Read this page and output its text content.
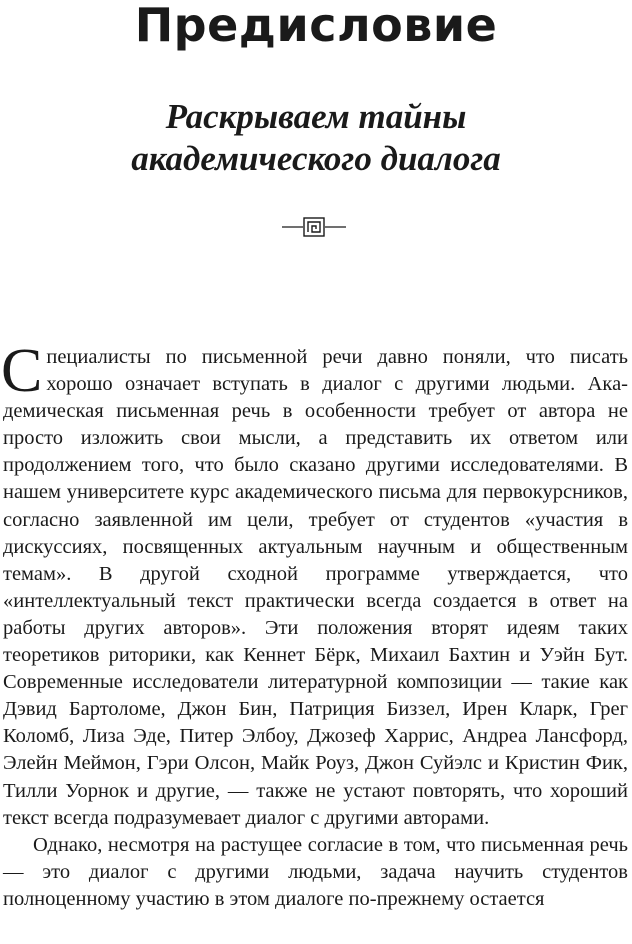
Предисловие
Раскрываем тайны
академического диалога

Специалисты по письменной речи давно поняли, что писать хорошо означает вступать в диалог с другими людьми. Академическая письменная речь в особенности требует от автора не просто изложить свои мысли, а представить их ответом или продолжением того, что было сказано другими исследователями. В нашем университете курс академического письма для первокурсников, согласно заявленной им цели, требует от студентов «участия в дискуссиях, посвященных актуальным научным и общественным темам». В другой сходной программе утверждается, что «интеллектуальный текст практически всегда создается в ответ на работы других авторов». Эти положения вторят идеям таких теоретиков риторики, как Кеннет Бёрк, Михаил Бахтин и Уэйн Бут. Современные исследователи литературной композиции — такие как Дэвид Бартоломе, Джон Бин, Патриция Биззел, Ирен Кларк, Грег Коломб, Лиза Эде, Питер Элбоу, Джозеф Харрис, Андреа Лансфорд, Элейн Меймон, Гэри Олсон, Майк Роуз, Джон Суйэлс и Кристин Фик, Тилли Уорнок и другие, — также не устают повторять, что хороший текст всегда подразумевает диалог с другими авторами.

Однако, несмотря на растущее согласие в том, что письменная речь — это диалог с другими людьми, задача научить студентов полноценному участию в этом диалоге по-прежнему остается
